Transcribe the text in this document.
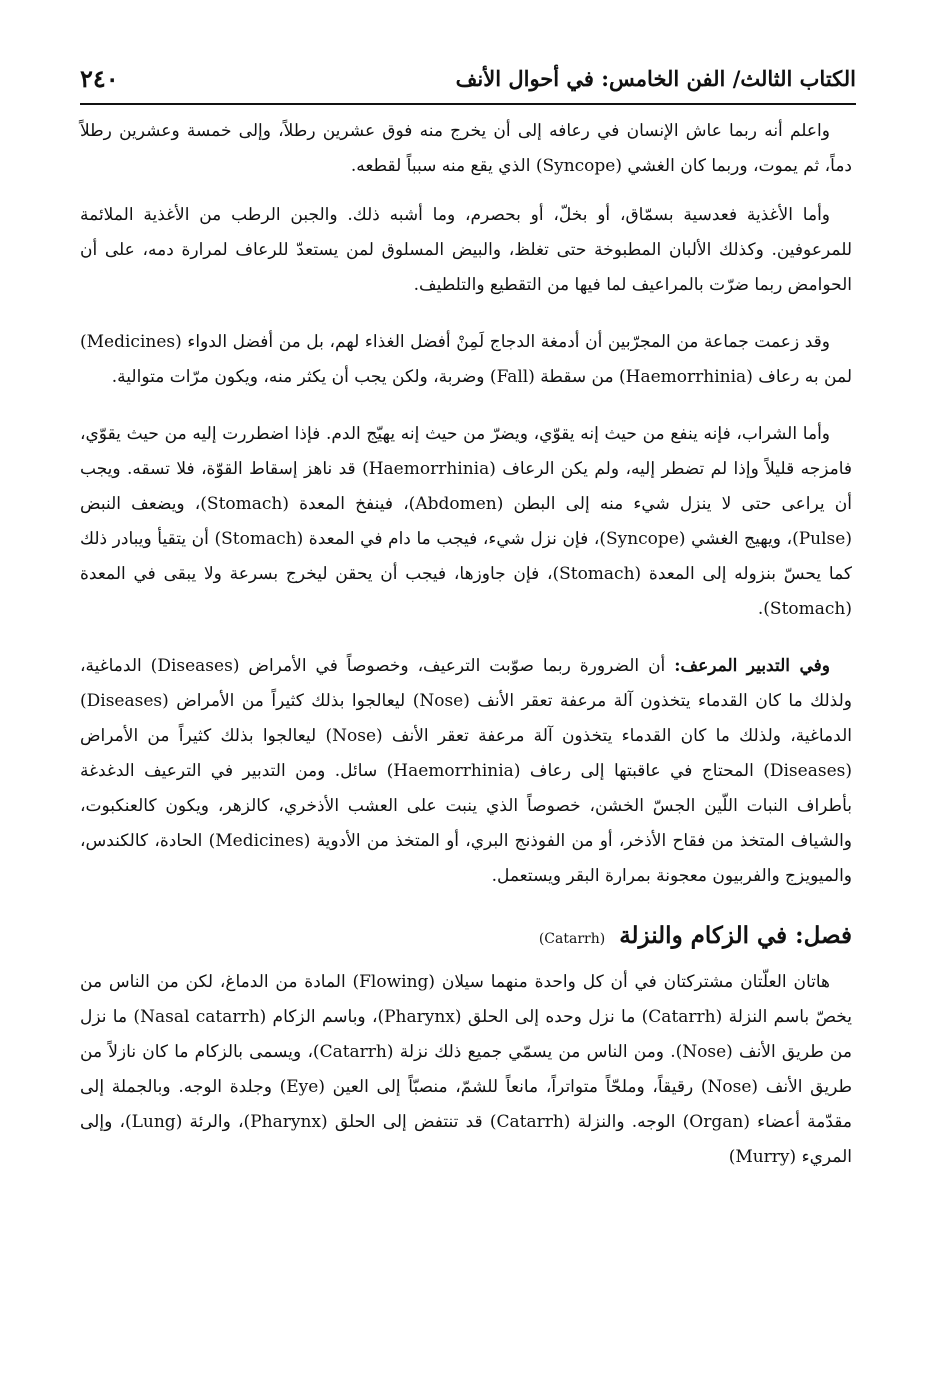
الكتاب الثالث/ الفن الخامس: في أحوال الأنف
٢٤٠

واعلم أنه ربما عاش الإنسان في رعافه إلى أن يخرج منه فوق عشرين رطلاً، وإلى خمسة وعشرين رطلاً دماً، ثم يموت، وربما كان الغشي (Syncope) الذي يقع منه سبباً لقطعه.

وأما الأغذية فعدسية بسمّاق، أو بخلّ، أو بحصرم، وما أشبه ذلك. والجبن الرطب من الأغذية الملائمة للمرعوفين. وكذلك الألبان المطبوخة حتى تغلظ، والبيض المسلوق لمن يستعدّ للرعاف لمرارة دمه، على أن الحوامض ربما ضرّت بالمراعيف لما فيها من التقطيع والتلطيف.

وقد زعمت جماعة من المجرّبين أن أدمغة الدجاج لَمِنْ أفضل الغذاء لهم، بل من أفضل الدواء (Medicines) لمن به رعاف (Haemorrhinia) من سقطة (Fall) وضربة، ولكن يجب أن يكثر منه، ويكون مرّات متوالية.

وأما الشراب، فإنه ينفع من حيث إنه يقوّي، ويضرّ من حيث إنه يهيّج الدم. فإذا اضطررت إليه من حيث يقوّي، فامزجه قليلاً وإذا لم تضطر إليه، ولم يكن الرعاف (Haemorrhinia) قد ناهز إسقاط القوّة، فلا تسقه. ويجب أن يراعى حتى لا ينزل شيء منه إلى البطن (Abdomen)، فينفخ المعدة (Stomach)، ويضعف النبض (Pulse)، ويهيج الغشي (Syncope)، فإن نزل شيء، فيجب ما دام في المعدة (Stomach) أن يتقيأ ويبادر ذلك كما يحسّ بنزوله إلى المعدة (Stomach)، فإن جاوزها، فيجب أن يحقن ليخرج بسرعة ولا يبقى في المعدة (Stomach).

وفي التدبير المرعف: أن الضرورة ربما صوّبت الترعيف، وخصوصاً في الأمراض (Diseases) الدماغية، ولذلك ما كان القدماء يتخذون آلة مرعفة تعقر الأنف (Nose) ليعالجوا بذلك كثيراً من الأمراض (Diseases) الدماغية، ولذلك ما كان القدماء يتخذون آلة مرعفة تعقر الأنف (Nose) ليعالجوا بذلك كثيراً من الأمراض (Diseases) المحتاج في عاقبتها إلى رعاف (Haemorrhinia) سائل. ومن التدبير في الترعيف الدغدغة بأطراف النبات اللّين الجسّ الخشن، خصوصاً الذي ينبت على العشب الأذخري، كالزهر، ويكون كالعنكبوت، والشياف المتخذ من فقاح الأذخر، أو من الفوذنج البري، أو المتخذ من الأدوية (Medicines) الحادة، كالكندس، والميويزج والفربيون معجونة بمرارة البقر ويستعمل.

فصل: في الزكام والنزلة (Catarrh)

هاتان العلّتان مشتركتان في أن كل واحدة منهما سيلان (Flowing) المادة من الدماغ، لكن من الناس من يخصّ باسم النزلة (Catarrh) ما نزل وحده إلى الحلق (Pharynx)، وباسم الزكام (Nasal catarrh) ما نزل من طريق الأنف (Nose). ومن الناس من يسمّي جميع ذلك نزلة (Catarrh)، ويسمى بالزكام ما كان نازلاً من طريق الأنف (Nose) رقيقاً، وملحّاً متواتراً، مانعاً للشمّ، منصبّاً إلى العين (Eye) وجلدة الوجه. وبالجملة إلى مقدّمة أعضاء (Organ) الوجه. والنزلة (Catarrh) قد تنتفض إلى الحلق (Pharynx)، والرئة (Lung)، وإلى المريء (Murry)
